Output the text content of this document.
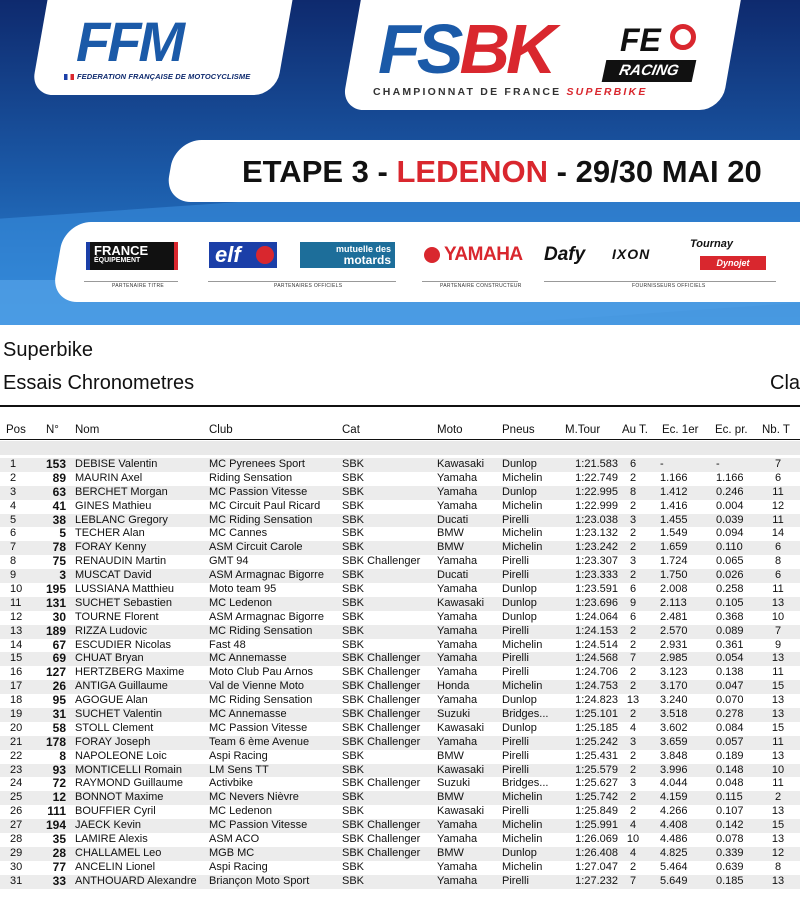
FFM
FEDERATION FRANÇAISE DE MOTOCYCLISME FSBK FE
RACING
CHAMPIONNAT DE FRANCE SUPERBIKE
ETAPE 3 - LEDENON - 29/30 MAI 20
FRANCE
ÉQUIPEMENT	elf	mutuelle des
motards	YAMAHA Dafy IXON
Tournay
Dynojet
PARTENAIRE TITRE	PARTENAIRES OFFICIELS	PARTENAIRE CONSTRUCTEUR	FOURNISSEURS OFFICIELS
Superbike
Essais Chronometres	Cla
Pos N° Nom	Club	Cat	Moto	Pneus	M.Tour Au T. Ec. 1er Ec. pr. Nb. T
1	153 DEBISE Valentin	MC Pyrenees Sport	SBK	Kawasaki	Dunlop	1:21.583	6	-	-	7
2	89 MAURIN Axel	Riding Sensation	SBK	Yamaha	Michelin	1:22.749	2	1.166	1.166	6
3	63 BERCHET Morgan	MC Passion Vitesse	SBK	Yamaha	Dunlop	1:22.995	8	1.412	0.246	11
4	41 GINES Mathieu	MC Circuit Paul Ricard	SBK	Yamaha	Michelin	1:22.999	2	1.416	0.004	12
5	38 LEBLANC Gregory	MC Riding Sensation	SBK	Ducati	Pirelli	1:23.038	3	1.455	0.039	11
6	5 TECHER Alan	MC Cannes	SBK	BMW	Michelin	1:23.132	2	1.549	0.094	14
7	78 FORAY Kenny	ASM Circuit Carole	SBK	BMW	Michelin	1:23.242	2	1.659	0.110	6
8	75 RENAUDIN Martin	GMT 94	SBK Challenger	Yamaha	Pirelli	1:23.307	3	1.724	0.065	8
9	3 MUSCAT David	ASM Armagnac Bigorre	SBK	Ducati	Pirelli	1:23.333	2	1.750	0.026	6
10	195 LUSSIANA Matthieu	Moto team 95	SBK	Yamaha	Dunlop	1:23.591	6	2.008	0.258	11
11	131 SUCHET Sebastien	MC Ledenon	SBK	Kawasaki	Dunlop	1:23.696	9	2.113	0.105	13
12	30 TOURNE Florent	ASM Armagnac Bigorre	SBK	Yamaha	Dunlop	1:24.064	6	2.481	0.368	10
13	189 RIZZA Ludovic	MC Riding Sensation	SBK	Yamaha	Pirelli	1:24.153	2	2.570	0.089	7
14	67 ESCUDIER Nicolas	Fast 48	SBK	Yamaha	Michelin	1:24.514	2	2.931	0.361	9
15	69 CHUAT Bryan	MC Annemasse	SBK Challenger	Yamaha	Pirelli	1:24.568	7	2.985	0.054	13
16	127 HERTZBERG Maxime	Moto Club Pau Arnos	SBK Challenger	Yamaha	Pirelli	1:24.706	2	3.123	0.138	11
17	26 ANTIGA Guillaume	Val de Vienne Moto	SBK Challenger	Honda	Michelin	1:24.753	2	3.170	0.047	15
18	95 AGOGUE Alan	MC Riding Sensation	SBK Challenger	Yamaha	Dunlop	1:24.823 13	3.240	0.070	13
19	31 SUCHET Valentin	MC Annemasse	SBK Challenger	Suzuki	Bridges...	1:25.101	2	3.518	0.278	13
20	58 STOLL Clement	MC Passion Vitesse	SBK Challenger	Kawasaki	Dunlop	1:25.185	4	3.602	0.084	15
21	178 FORAY Joseph	Team 6 ème Avenue	SBK Challenger	Yamaha	Pirelli	1:25.242	3	3.659	0.057	11
22	8 NAPOLEONE Loic	Aspi Racing	SBK	BMW	Pirelli	1:25.431	2	3.848	0.189	13
23	93 MONTICELLI Romain	LM Sens TT	SBK	Kawasaki	Pirelli	1:25.579	2	3.996	0.148	10
24	72 RAYMOND Guillaume	Activbike	SBK Challenger	Suzuki	Bridges...	1:25.627	3	4.044	0.048	11
25	12 BONNOT Maxime	MC Nevers Nièvre	SBK	BMW	Michelin	1:25.742	2	4.159	0.115	2
26	111 BOUFFIER Cyril	MC Ledenon	SBK	Kawasaki	Pirelli	1:25.849	2	4.266	0.107	13
27	194 JAECK Kevin	MC Passion Vitesse	SBK Challenger	Yamaha	Michelin	1:25.991	4	4.408	0.142	15
28	35 LAMIRE Alexis	ASM ACO	SBK Challenger	Yamaha	Michelin	1:26.069 10	4.486	0.078	13
29	28 CHALLAMEL Leo	MGB MC	SBK Challenger	BMW	Dunlop	1:26.408	4	4.825	0.339	12
30	77 ANCELIN Lionel	Aspi Racing	SBK	Yamaha	Michelin	1:27.047	2	5.464	0.639	8
31	33 ANTHOUARD Alexandre	Briançon Moto Sport	SBK	Yamaha	Pirelli	1:27.232	7	5.649	0.185	13
